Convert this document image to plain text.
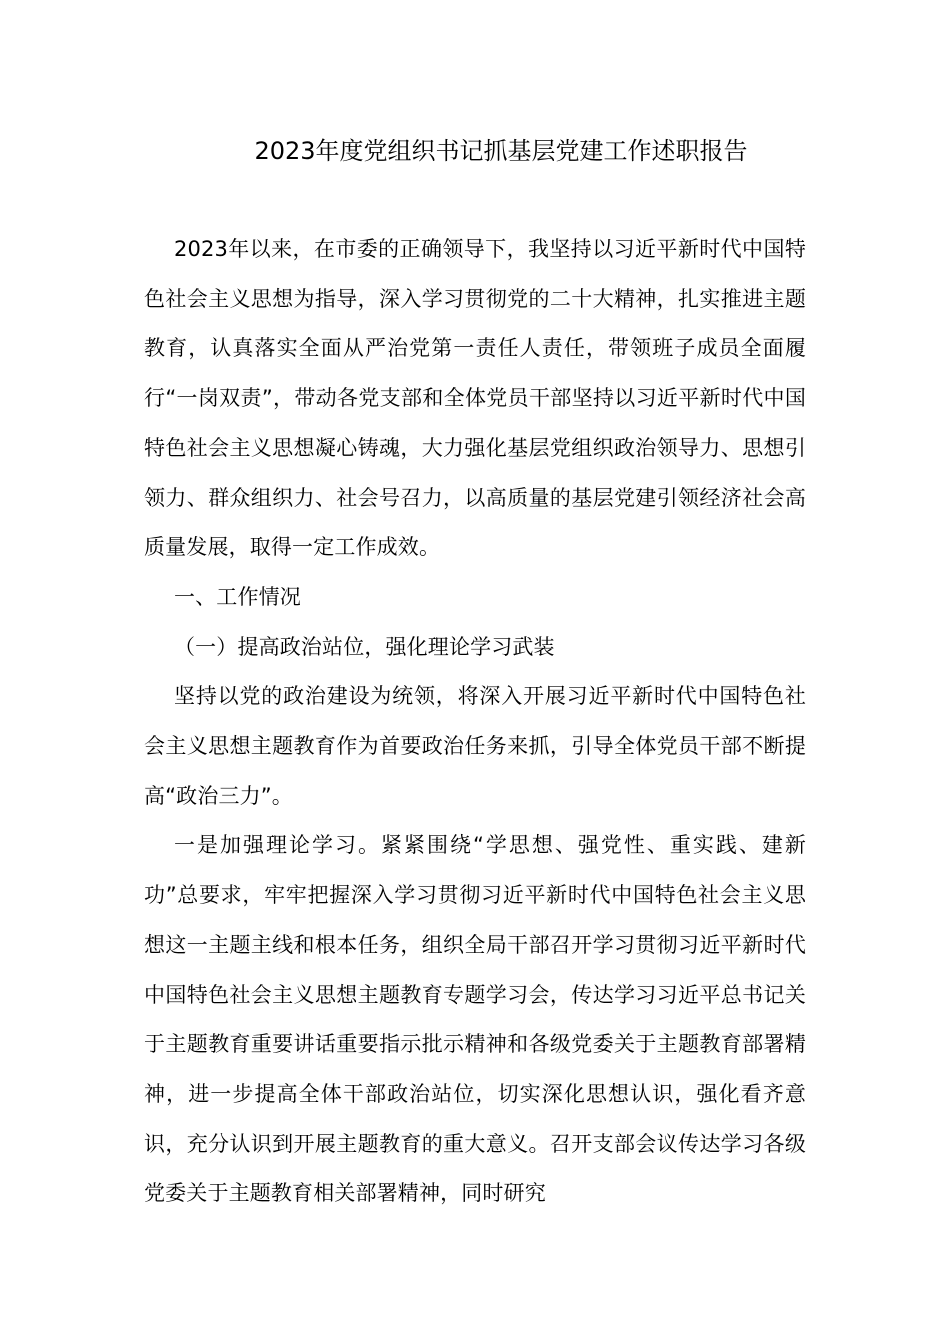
2023年度党组织书记抓基层党建工作述职报告

2023年以来，在市委的正确领导下，我坚持以习近平新时代中国特色社会主义思想为指导，深入学习贯彻党的二十大精神，扎实推进主题教育，认真落实全面从严治党第一责任人责任，带领班子成员全面履行“一岗双责”，带动各党支部和全体党员干部坚持以习近平新时代中国特色社会主义思想凝心铸魂，大力强化基层党组织政治领导力、思想引领力、群众组织力、社会号召力，以高质量的基层党建引领经济社会高质量发展，取得一定工作成效。

一、工作情况

（一）提高政治站位，强化理论学习武装

坚持以党的政治建设为统领，将深入开展习近平新时代中国特色社会主义思想主题教育作为首要政治任务来抓，引导全体党员干部不断提高“政治三力”。

一是加强理论学习。紧紧围绕“学思想、强党性、重实践、建新功”总要求，牢牢把握深入学习贯彻习近平新时代中国特色社会主义思想这一主题主线和根本任务，组织全局干部召开学习贯彻习近平新时代中国特色社会主义思想主题教育专题学习会，传达学习习近平总书记关于主题教育重要讲话重要指示批示精神和各级党委关于主题教育部署精神，进一步提高全体干部政治站位，切实深化思想认识，强化看齐意识，充分认识到开展主题教育的重大意义。召开支部会议传达学习各级党委关于主题教育相关部署精神，同时研究
